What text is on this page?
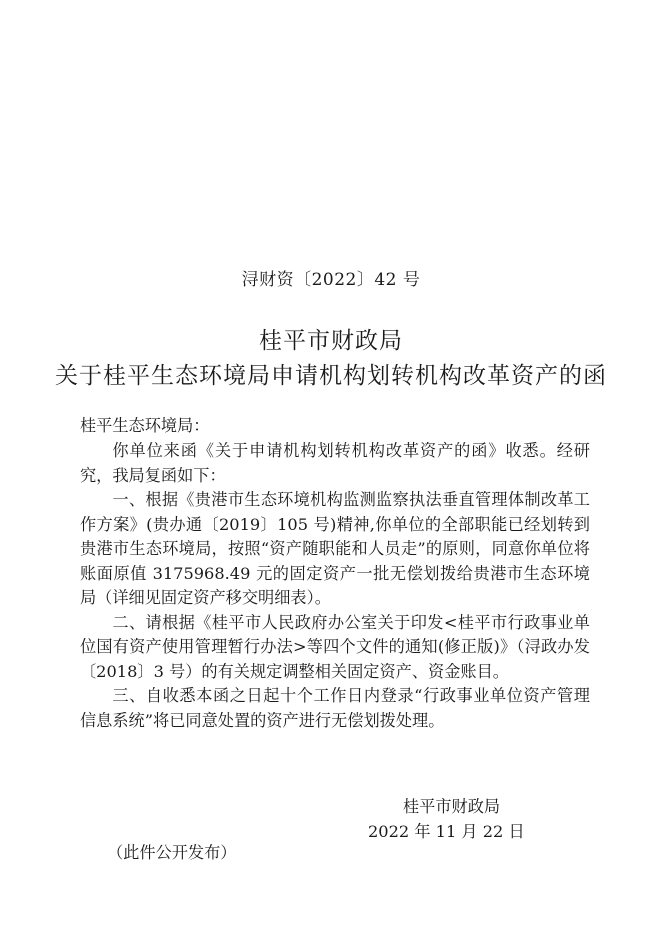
浔财资〔2022〕42 号
桂平市财政局
关于桂平生态环境局申请机构划转机构改革资产的函
桂平生态环境局：

你单位来函《关于申请机构划转机构改革资产的函》收悉。经研究，我局复函如下：

一、根据《贵港市生态环境机构监测监察执法垂直管理体制改革工作方案》(贵办通〔2019〕105 号)精神,你单位的全部职能已经划转到贵港市生态环境局，按照“资产随职能和人员走”的原则，同意你单位将账面原值 3175968.49 元的固定资产一批无偿划拨给贵港市生态环境局（详细见固定资产移交明细表）。

二、请根据《桂平市人民政府办公室关于印发<桂平市行政事业单位国有资产使用管理暂行办法>等四个文件的通知(修正版)》（浔政办发〔2018〕3 号）的有关规定调整相关固定资产、资金账目。

三、自收悉本函之日起十个工作日内登录“行政事业单位资产管理信息系统”将已同意处置的资产进行无偿划拨处理。

桂平市财政局
2022 年 11 月 22 日
（此件公开发布）
